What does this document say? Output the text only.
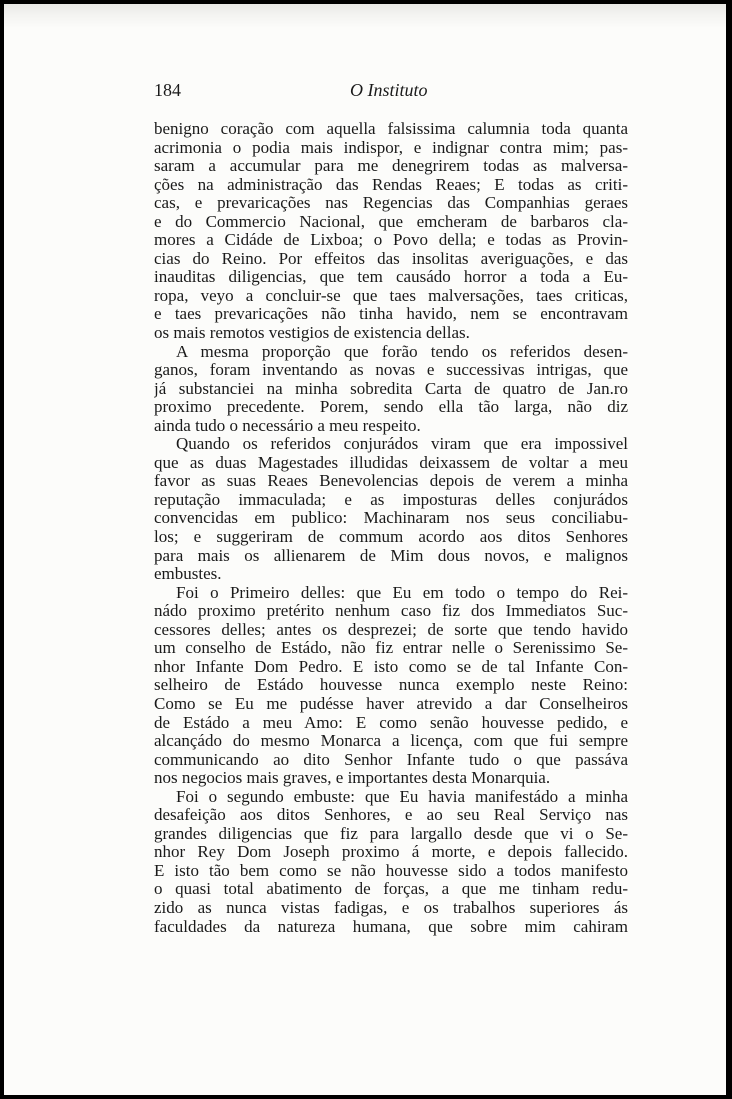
184	O Instituto
benigno coração com aquella falsissima calumnia toda quanta
acrimonia o podia mais indispor, e indignar contra mim; pas-
saram a accumular para me denegrirem todas as malversa-
ções na administração das Rendas Reaes; E todas as criti-
cas, e prevaricações nas Regencias das Companhias geraes
e do Commercio Nacional, que emcheram de barbaros cla-
mores a Cidáde de Lixboa; o Povo della; e todas as Provin-
cias do Reino. Por effeitos das insolitas averiguações, e das
inauditas diligencias, que tem causádo horror a toda a Eu-
ropa, veyo a concluir-se que taes malversações, taes criticas,
e taes prevaricações não tinha havido, nem se encontravam
os mais remotos vestigios de existencia dellas.
A mesma proporção que forão tendo os referidos desen-
ganos, foram inventando as novas e successivas intrigas, que
já substanciei na minha sobredita Carta de quatro de Jan.ro
proximo precedente. Porem, sendo ella tão larga, não diz
ainda tudo o necessário a meu respeito.
Quando os referidos conjurádos viram que era impossivel
que as duas Magestades illudidas deixassem de voltar a meu
favor as suas Reaes Benevolencias depois de verem a minha
reputação immaculada; e as imposturas delles conjurádos
convencidas em publico: Machinaram nos seus conciliabu-
los; e suggeriram de commum acordo aos ditos Senhores
para mais os allienarem de Mim dous novos, e malignos
embustes.
Foi o Primeiro delles: que Eu em todo o tempo do Rei-
nádo proximo pretérito nenhum caso fiz dos Immediatos Suc-
cessores delles; antes os desprezei; de sorte que tendo havido
um conselho de Estádo, não fiz entrar nelle o Serenissimo Se-
nhor Infante Dom Pedro. E isto como se de tal Infante Con-
selheiro de Estádo houvesse nunca exemplo neste Reino:
Como se Eu me pudésse haver atrevido a dar Conselheiros
de Estádo a meu Amo: E como senão houvesse pedido, e
alcançádo do mesmo Monarca a licença, com que fui sempre
communicando ao dito Senhor Infante tudo o que passáva
nos negocios mais graves, e importantes desta Monarquia.
Foi o segundo embuste: que Eu havia manifestádo a minha
desafeição aos ditos Senhores, e ao seu Real Serviço nas
grandes diligencias que fiz para largallo desde que vi o Se-
nhor Rey Dom Joseph proximo á morte, e depois fallecido.
E isto tão bem como se não houvesse sido a todos manifesto
o quasi total abatimento de forças, a que me tinham redu-
zido as nunca vistas fadigas, e os trabalhos superiores ás
faculdades da natureza humana, que sobre mim cahiram
